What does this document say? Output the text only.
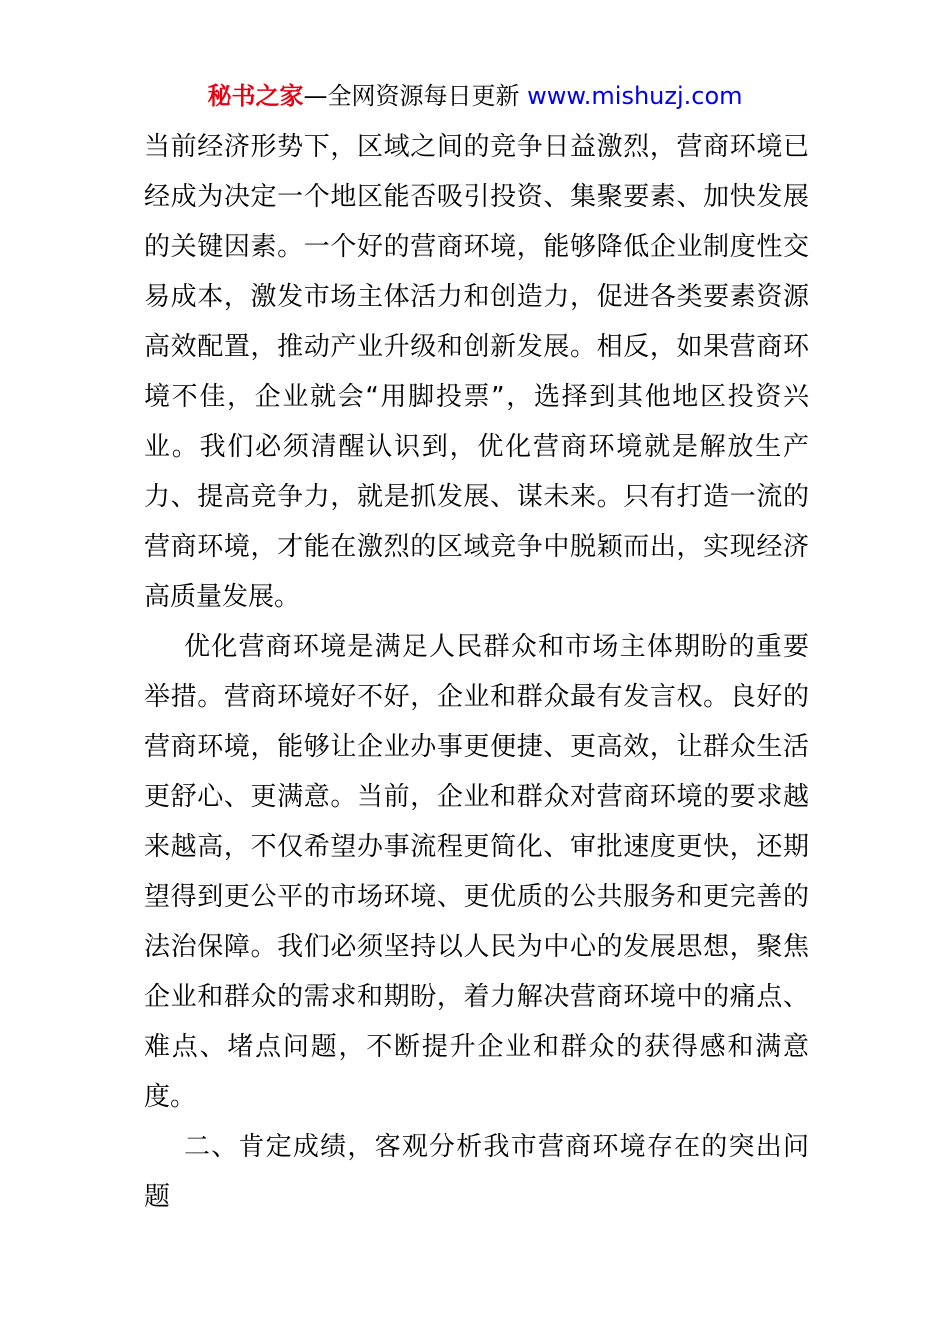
秘书之家—全网资源每日更新 www.mishuzj.com
当前经济形势下，区域之间的竞争日益激烈，营商环境已
经成为决定一个地区能否吸引投资、集聚要素、加快发展
的关键因素。一个好的营商环境，能够降低企业制度性交
易成本，激发市场主体活力和创造力，促进各类要素资源
高效配置，推动产业升级和创新发展。相反，如果营商环
境不佳，企业就会“用脚投票”，选择到其他地区投资兴
业。我们必须清醒认识到，优化营商环境就是解放生产
力、提高竞争力，就是抓发展、谋未来。只有打造一流的
营商环境，才能在激烈的区域竞争中脱颖而出，实现经济
高质量发展。
优化营商环境是满足人民群众和市场主体期盼的重要
举措。营商环境好不好，企业和群众最有发言权。良好的
营商环境，能够让企业办事更便捷、更高效，让群众生活
更舒心、更满意。当前，企业和群众对营商环境的要求越
来越高，不仅希望办事流程更简化、审批速度更快，还期
望得到更公平的市场环境、更优质的公共服务和更完善的
法治保障。我们必须坚持以人民为中心的发展思想，聚焦
企业和群众的需求和期盼，着力解决营商环境中的痛点、
难点、堵点问题，不断提升企业和群众的获得感和满意
度。
二、肯定成绩，客观分析我市营商环境存在的突出问
题
